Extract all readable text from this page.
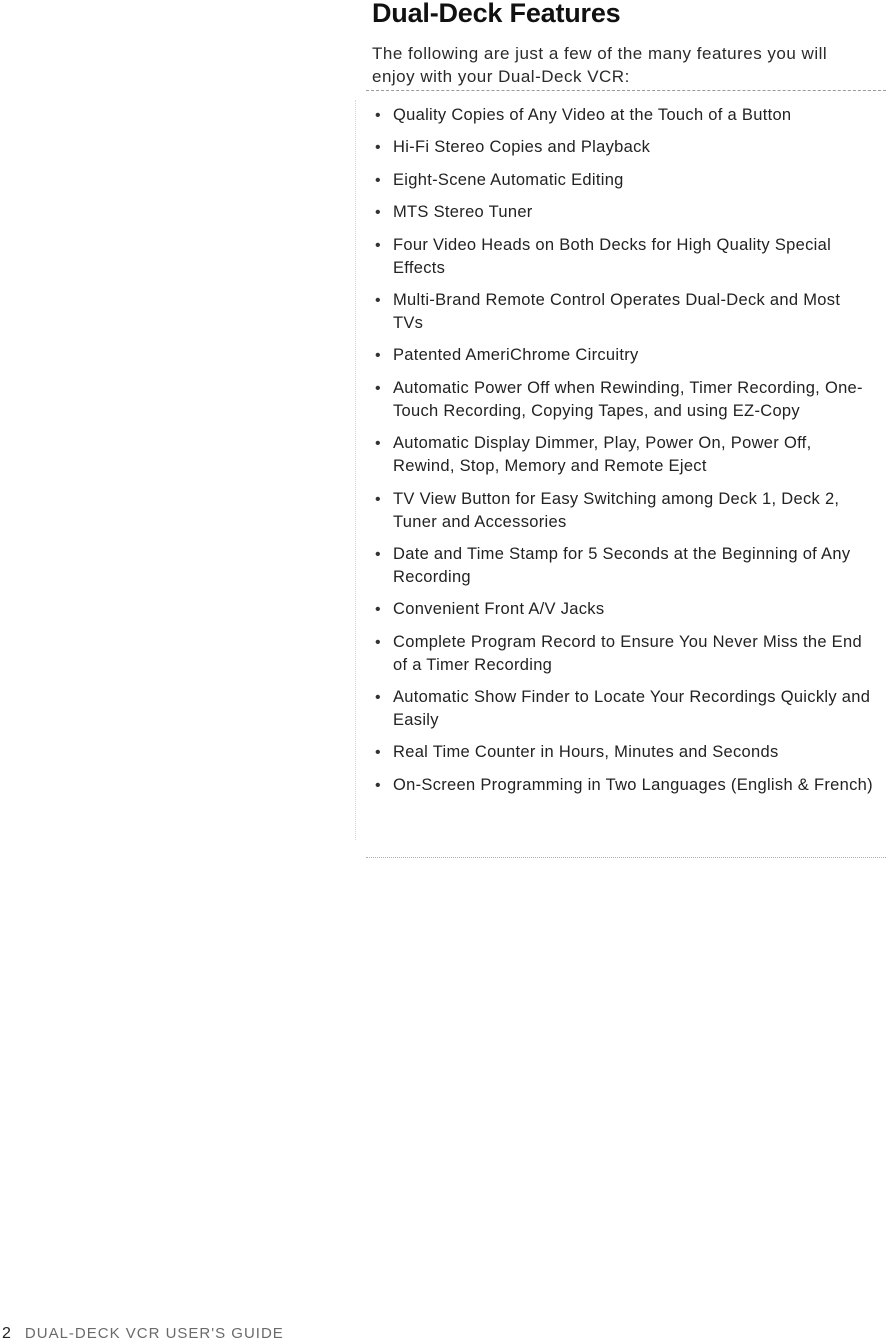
Dual-Deck Features

The following are just a few of the many features you will enjoy with your Dual-Deck VCR:

• Quality Copies of Any Video at the Touch of a Button
• Hi-Fi Stereo Copies and Playback
• Eight-Scene Automatic Editing
• MTS Stereo Tuner
• Four Video Heads on Both Decks for High Quality Special Effects
• Multi-Brand Remote Control Operates Dual-Deck and Most TVs
• Patented AmeriChrome Circuitry
• Automatic Power Off when Rewinding, Timer Recording, One-Touch Recording, Copying Tapes, and using EZ-Copy
• Automatic Display Dimmer, Play, Power On, Power Off, Rewind, Stop, Memory and Remote Eject
• TV View Button for Easy Switching among Deck 1, Deck 2, Tuner and Accessories
• Date and Time Stamp for 5 Seconds at the Beginning of Any Recording
• Convenient Front A/V Jacks
• Complete Program Record to Ensure You Never Miss the End of a Timer Recording
• Automatic Show Finder to Locate Your Recordings Quickly and Easily
• Real Time Counter in Hours, Minutes and Seconds
• On-Screen Programming in Two Languages (English & French)

2 DUAL-DECK VCR USER'S GUIDE
